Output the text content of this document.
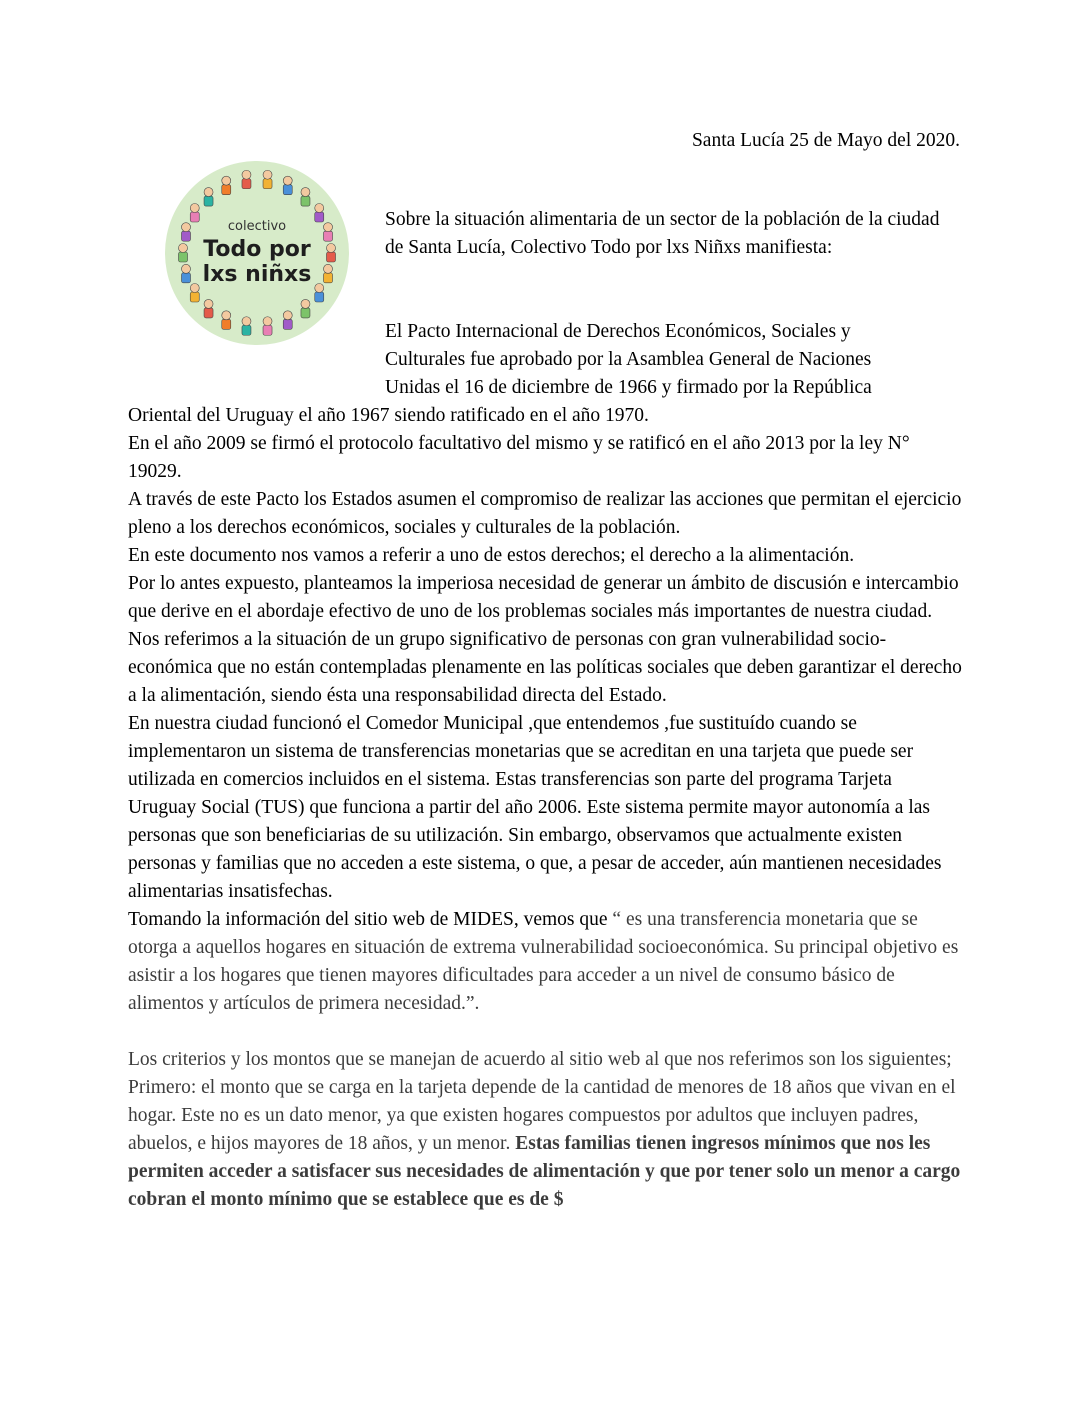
Santa Lucía 25 de Mayo del 2020.
colectivo
Todo por
lxs niñxs
Sobre la situación alimentaria de un sector de la población de la ciudad de Santa Lucía, Colectivo Todo por lxs Niñxs manifiesta:
El Pacto Internacional de Derechos Económicos, Sociales y
Culturales fue aprobado por la Asamblea General de Naciones
Unidas el 16 de diciembre de 1966 y firmado por la República

Oriental del Uruguay el año 1967 siendo ratificado en el año 1970.

En el año 2009 se firmó el protocolo facultativo del mismo y se ratificó en el año 2013 por la ley N° 19029.

A través de este Pacto los Estados asumen el compromiso de realizar las acciones que permitan el ejercicio pleno a los derechos económicos, sociales y culturales de la población.

En este documento nos vamos a referir a uno de estos derechos; el derecho a la alimentación.

Por lo antes expuesto, planteamos la imperiosa necesidad de generar un ámbito de discusión e intercambio que derive en el abordaje efectivo de uno de los problemas sociales más importantes de nuestra ciudad. Nos referimos a la situación de un grupo significativo de personas con gran vulnerabilidad socio-económica que no están contempladas plenamente en las políticas sociales que deben garantizar el derecho a la alimentación, siendo ésta una responsabilidad directa del Estado.

En nuestra ciudad funcionó el Comedor Municipal ,que entendemos ,fue sustituído cuando se implementaron un sistema de transferencias monetarias que se acreditan en una tarjeta que puede ser utilizada en comercios incluidos en el sistema. Estas transferencias son parte del programa Tarjeta Uruguay Social (TUS) que funciona a partir del año 2006. Este sistema permite mayor autonomía a las personas que son beneficiarias de su utilización. Sin embargo, observamos que actualmente existen personas y familias que no acceden a este sistema, o que, a pesar de acceder, aún mantienen necesidades alimentarias insatisfechas.

Tomando la información del sitio web de MIDES, vemos que “ es una transferencia monetaria que se otorga a aquellos hogares en situación de extrema vulnerabilidad socioeconómica. Su principal objetivo es asistir a los hogares que tienen mayores dificultades para acceder a un nivel de consumo básico de alimentos y artículos de primera necesidad.”.

Los criterios y los montos que se manejan de acuerdo al sitio web al que nos referimos son los siguientes;

Primero: el monto que se carga en la tarjeta depende de la cantidad de menores de 18 años que vivan en el hogar. Este no es un dato menor, ya que existen hogares compuestos por adultos que incluyen padres, abuelos, e hijos mayores de 18 años, y un menor. Estas familias tienen ingresos mínimos que nos les permiten acceder a satisfacer sus necesidades de alimentación y que por tener solo un menor a cargo cobran el monto mínimo que se establece que es de $
